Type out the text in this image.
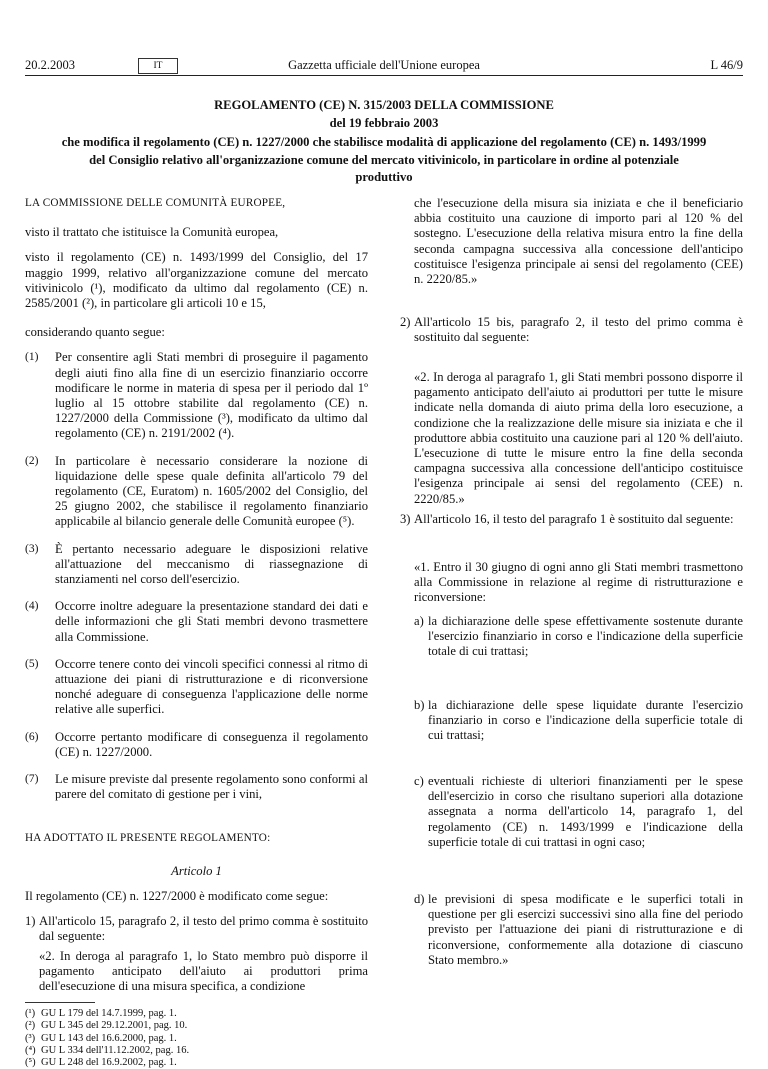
20.2.2003	IT	Gazzetta ufficiale dell'Unione europea	L 46/9
REGOLAMENTO (CE) N. 315/2003 DELLA COMMISSIONE
del 19 febbraio 2003
che modifica il regolamento (CE) n. 1227/2000 che stabilisce modalità di applicazione del regolamento (CE) n. 1493/1999 del Consiglio relativo all'organizzazione comune del mercato vitivinicolo, in particolare in ordine al potenziale produttivo

LA COMMISSIONE DELLE COMUNITÀ EUROPEE,

visto il trattato che istituisce la Comunità europea,

visto il regolamento (CE) n. 1493/1999 del Consiglio, del 17 maggio 1999, relativo all'organizzazione comune del mercato vitivinicolo (¹), modificato da ultimo dal regolamento (CE) n. 2585/2001 (²), in particolare gli articoli 10 e 15,

considerando quanto segue:

(1)	Per consentire agli Stati membri di proseguire il pagamento degli aiuti fino alla fine di un esercizio finanziario occorre modificare le norme in materia di spesa per il periodo dal 1º luglio al 15 ottobre stabilite dal regolamento (CE) n. 1227/2000 della Commissione (³), modificato da ultimo dal regolamento (CE) n. 2191/2002 (⁴).
(2)	In particolare è necessario considerare la nozione di liquidazione delle spese quale definita all'articolo 79 del regolamento (CE, Euratom) n. 1605/2002 del Consiglio, del 25 giugno 2002, che stabilisce il regolamento finanziario applicabile al bilancio generale delle Comunità europee (⁵).
(3)	È pertanto necessario adeguare le disposizioni relative all'attuazione del meccanismo di riassegnazione di stanziamenti nel corso dell'esercizio.
(4)	Occorre inoltre adeguare la presentazione standard dei dati e delle informazioni che gli Stati membri devono trasmettere alla Commissione.
(5)	Occorre tenere conto dei vincoli specifici connessi al ritmo di attuazione dei piani di ristrutturazione e di riconversione nonché adeguare di conseguenza l'applicazione delle norme relative alle superfici.
(6)	Occorre pertanto modificare di conseguenza il regolamento (CE) n. 1227/2000.
(7)	Le misure previste dal presente regolamento sono conformi al parere del comitato di gestione per i vini,

HA ADOTTATO IL PRESENTE REGOLAMENTO:

Articolo 1

Il regolamento (CE) n. 1227/2000 è modificato come segue:

1) All'articolo 15, paragrafo 2, il testo del primo comma è sostituito dal seguente:

«2. In deroga al paragrafo 1, lo Stato membro può disporre il pagamento anticipato dell'aiuto ai produttori prima dell'esecuzione di una misura specifica, a condizione

(¹) GU L 179 del 14.7.1999, pag. 1.
(²) GU L 345 del 29.12.2001, pag. 10.
(³) GU L 143 del 16.6.2000, pag. 1.
(⁴) GU L 334 dell'11.12.2002, pag. 16.
(⁵) GU L 248 del 16.9.2002, pag. 1.
che l'esecuzione della misura sia iniziata e che il beneficiario abbia costituito una cauzione di importo pari al 120 % del sostegno. L'esecuzione della relativa misura entro la fine della seconda campagna successiva alla concessione dell'anticipo costituisce l'esigenza principale ai sensi del regolamento (CEE) n. 2220/85.»
2) All'articolo 15 bis, paragrafo 2, il testo del primo comma è sostituito dal seguente:
«2. In deroga al paragrafo 1, gli Stati membri possono disporre il pagamento anticipato dell'aiuto ai produttori per tutte le misure indicate nella domanda di aiuto prima della loro esecuzione, a condizione che la realizzazione delle misure sia iniziata e che il produttore abbia costituito una cauzione pari al 120 % dell'aiuto. L'esecuzione di tutte le misure entro la fine della seconda campagna successiva alla concessione dell'anticipo costituisce l'esigenza principale ai sensi del regolamento (CEE) n. 2220/85.»
3) All'articolo 16, il testo del paragrafo 1 è sostituito dal seguente:
«1. Entro il 30 giugno di ogni anno gli Stati membri trasmettono alla Commissione in relazione al regime di ristrutturazione e riconversione:
a) la dichiarazione delle spese effettivamente sostenute durante l'esercizio finanziario in corso e l'indicazione della superficie totale di cui trattasi;
b) la dichiarazione delle spese liquidate durante l'esercizio finanziario in corso e l'indicazione della superficie totale di cui trattasi;
c) eventuali richieste di ulteriori finanziamenti per le spese dell'esercizio in corso che risultano superiori alla dotazione assegnata a norma dell'articolo 14, paragrafo 1, del regolamento (CE) n. 1493/1999 e l'indicazione della superficie totale di cui trattasi in ogni caso;
d) le previsioni di spesa modificate e le superfici totali in questione per gli esercizi successivi sino alla fine del periodo previsto per l'attuazione dei piani di ristrutturazione e di riconversione, conformemente alla dotazione di ciascuno Stato membro.»
